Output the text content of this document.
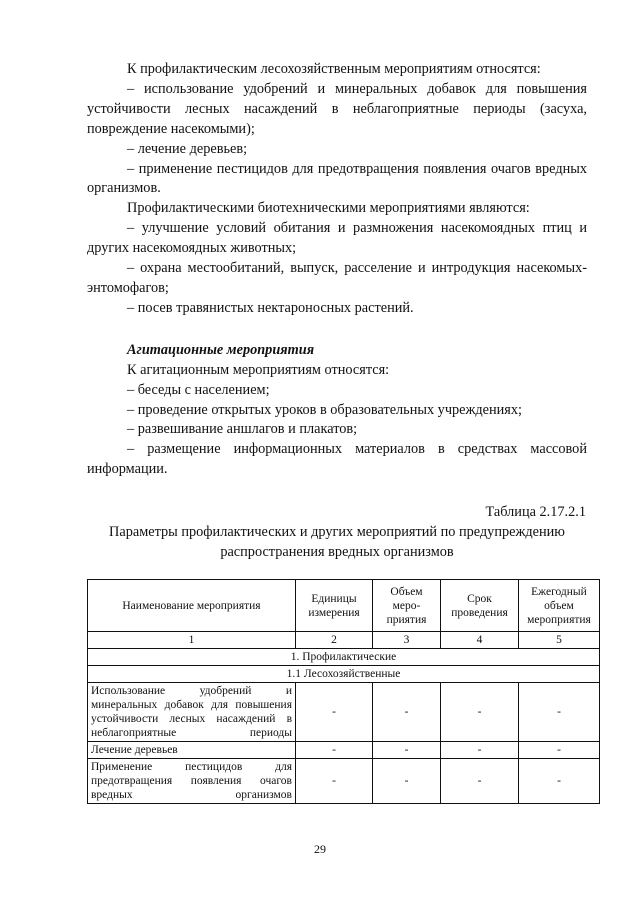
К профилактическим лесохозяйственным мероприятиям относятся:

– использование удобрений и минеральных добавок для повышения устойчивости лесных насаждений в неблагоприятные периоды (засуха, повреждение насекомыми);

– лечение деревьев;

– применение пестицидов для предотвращения появления очагов вредных организмов.

Профилактическими биотехническими мероприятиями являются:

– улучшение условий обитания и размножения насекомоядных птиц и других насекомоядных животных;

– охрана местообитаний, выпуск, расселение и интродукция насекомых-энтомофагов;

– посев травянистых нектароносных растений.

Агитационные мероприятия

К агитационным мероприятиям относятся:

– беседы с населением;

– проведение открытых уроков в образовательных учреждениях;

– развешивание аншлагов и плакатов;

– размещение информационных материалов в средствах массовой информации.

Таблица 2.17.2.1
Параметры профилактических и других мероприятий по предупреждению распространения вредных организмов
Наименование мероприятия	Единицы измерения	Объем меро-приятия	Срок проведения	Ежегодный объем мероприятия
1	2	3	4	5
1. Профилактические				
1.1 Лесохозяйственные				
Использование удобрений и минеральных добавок для повышения устойчивости лесных насаждений в неблагоприятные периоды	-	-	-	-
Лечение деревьев	-	-	-	-
Применение пестицидов для предотвращения появления очагов вредных организмов	-	-	-	-
29
